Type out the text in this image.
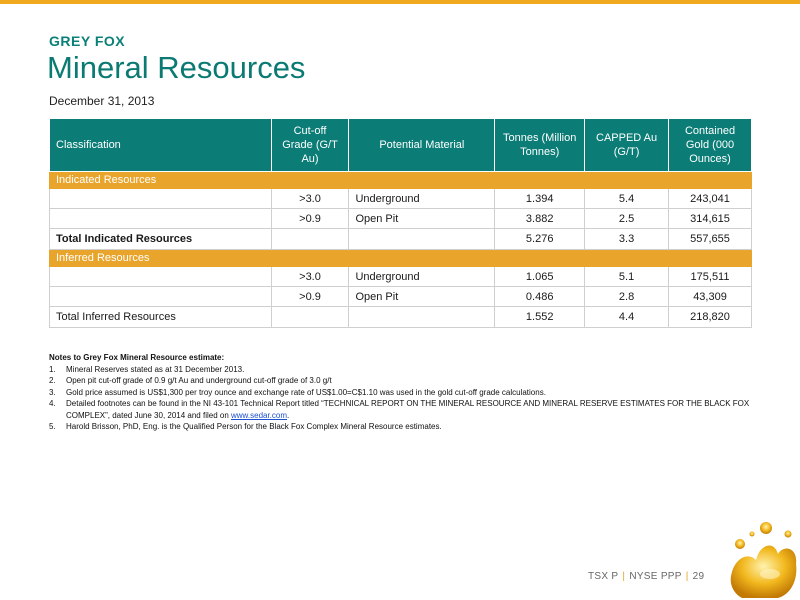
GREY FOX
Mineral Resources
December 31, 2013
Classification	Cut-off Grade (G/T Au)	Potential Material	Tonnes (Million Tonnes)	CAPPED Au (G/T)	Contained Gold (000 Ounces)
Indicated Resources					
	>3.0	Underground	1.394	5.4	243,041
	>0.9	Open Pit	3.882	2.5	314,615
Total Indicated Resources			5.276	3.3	557,655
Inferred Resources					
	>3.0	Underground	1.065	5.1	175,511
	>0.9	Open Pit	0.486	2.8	43,309
Total Inferred Resources			1.552	4.4	218,820
Notes to Grey Fox Mineral Resource estimate:
1. Mineral Reserves stated as at 31 December 2013.
2. Open pit cut-off grade of 0.9 g/t Au and underground cut-off grade of 3.0 g/t
3. Gold price assumed is US$1,300 per troy ounce and exchange rate of US$1.00=C$1.10 was used in the gold cut-off grade calculations.
4. Detailed footnotes can be found in the NI 43-101 Technical Report titled “TECHNICAL REPORT ON THE MINERAL RESOURCE AND MINERAL RESERVE ESTIMATES FOR THE BLACK FOX COMPLEX”, dated June 30, 2014 and filed on www.sedar.com.
5. Harold Brisson, PhD, Eng. is the Qualified Person for the Black Fox Complex Mineral Resource estimates.
TSX P | NYSE PPP | 29
